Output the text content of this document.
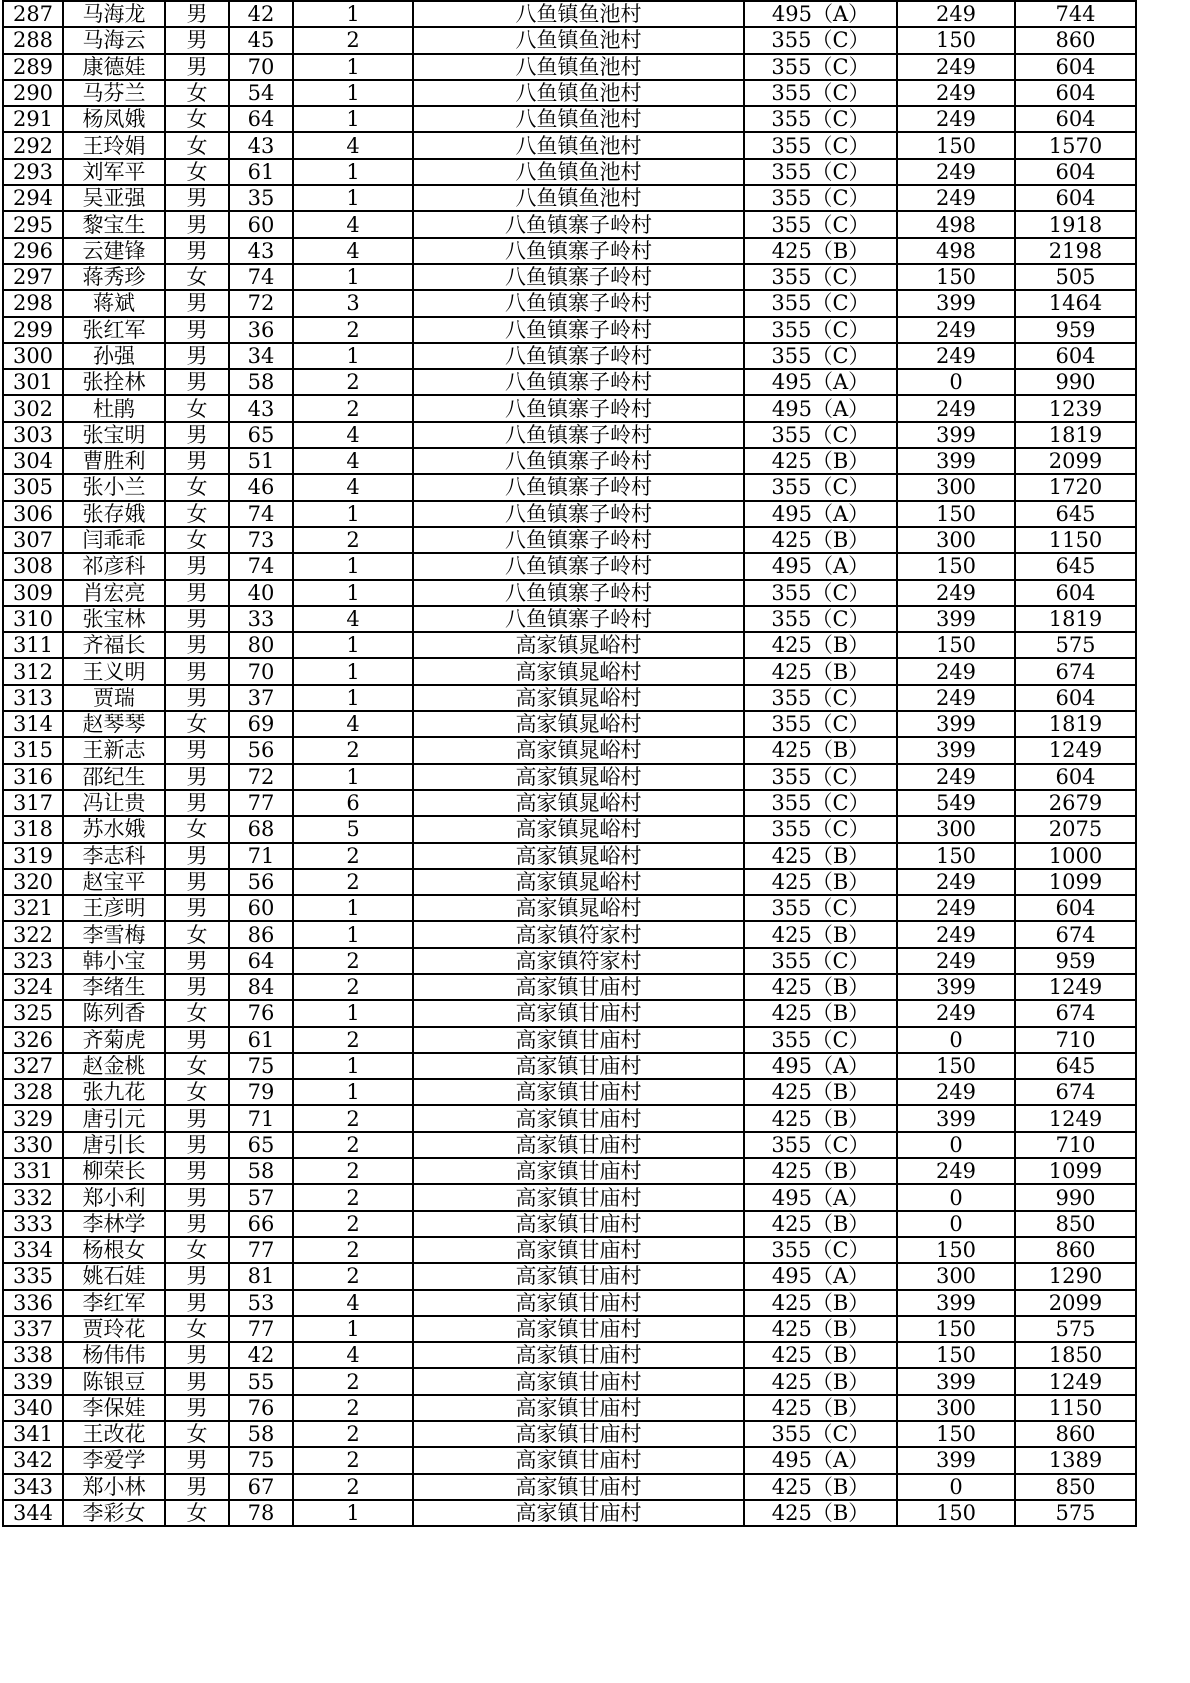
287	马海龙	男	42	1	八鱼镇鱼池村	495（A）	249	744
288	马海云	男	45	2	八鱼镇鱼池村	355（C）	150	860
289	康德娃	男	70	1	八鱼镇鱼池村	355（C）	249	604
290	马芬兰	女	54	1	八鱼镇鱼池村	355（C）	249	604
291	杨凤娥	女	64	1	八鱼镇鱼池村	355（C）	249	604
292	王玲娟	女	43	4	八鱼镇鱼池村	355（C）	150	1570
293	刘军平	女	61	1	八鱼镇鱼池村	355（C）	249	604
294	吴亚强	男	35	1	八鱼镇鱼池村	355（C）	249	604
295	黎宝生	男	60	4	八鱼镇寨子岭村	355（C）	498	1918
296	云建锋	男	43	4	八鱼镇寨子岭村	425（B）	498	2198
297	蒋秀珍	女	74	1	八鱼镇寨子岭村	355（C）	150	505
298	蒋斌	男	72	3	八鱼镇寨子岭村	355（C）	399	1464
299	张红军	男	36	2	八鱼镇寨子岭村	355（C）	249	959
300	孙强	男	34	1	八鱼镇寨子岭村	355（C）	249	604
301	张拴林	男	58	2	八鱼镇寨子岭村	495（A）	0	990
302	杜鹃	女	43	2	八鱼镇寨子岭村	495（A）	249	1239
303	张宝明	男	65	4	八鱼镇寨子岭村	355（C）	399	1819
304	曹胜利	男	51	4	八鱼镇寨子岭村	425（B）	399	2099
305	张小兰	女	46	4	八鱼镇寨子岭村	355（C）	300	1720
306	张存娥	女	74	1	八鱼镇寨子岭村	495（A）	150	645
307	闫乖乖	女	73	2	八鱼镇寨子岭村	425（B）	300	1150
308	祁彦科	男	74	1	八鱼镇寨子岭村	495（A）	150	645
309	肖宏亮	男	40	1	八鱼镇寨子岭村	355（C）	249	604
310	张宝林	男	33	4	八鱼镇寨子岭村	355（C）	399	1819
311	齐福长	男	80	1	高家镇晁峪村	425（B）	150	575
312	王义明	男	70	1	高家镇晁峪村	425（B）	249	674
313	贾瑞	男	37	1	高家镇晁峪村	355（C）	249	604
314	赵琴琴	女	69	4	高家镇晁峪村	355（C）	399	1819
315	王新志	男	56	2	高家镇晁峪村	425（B）	399	1249
316	邵纪生	男	72	1	高家镇晁峪村	355（C）	249	604
317	冯让贵	男	77	6	高家镇晁峪村	355（C）	549	2679
318	苏水娥	女	68	5	高家镇晁峪村	355（C）	300	2075
319	李志科	男	71	2	高家镇晁峪村	425（B）	150	1000
320	赵宝平	男	56	2	高家镇晁峪村	425（B）	249	1099
321	王彦明	男	60	1	高家镇晁峪村	355（C）	249	604
322	李雪梅	女	86	1	高家镇符家村	425（B）	249	674
323	韩小宝	男	64	2	高家镇符家村	355（C）	249	959
324	李绪生	男	84	2	高家镇甘庙村	425（B）	399	1249
325	陈列香	女	76	1	高家镇甘庙村	425（B）	249	674
326	齐菊虎	男	61	2	高家镇甘庙村	355（C）	0	710
327	赵金桃	女	75	1	高家镇甘庙村	495（A）	150	645
328	张九花	女	79	1	高家镇甘庙村	425（B）	249	674
329	唐引元	男	71	2	高家镇甘庙村	425（B）	399	1249
330	唐引长	男	65	2	高家镇甘庙村	355（C）	0	710
331	柳荣长	男	58	2	高家镇甘庙村	425（B）	249	1099
332	郑小利	男	57	2	高家镇甘庙村	495（A）	0	990
333	李林学	男	66	2	高家镇甘庙村	425（B）	0	850
334	杨根女	女	77	2	高家镇甘庙村	355（C）	150	860
335	姚石娃	男	81	2	高家镇甘庙村	495（A）	300	1290
336	李红军	男	53	4	高家镇甘庙村	425（B）	399	2099
337	贾玲花	女	77	1	高家镇甘庙村	425（B）	150	575
338	杨伟伟	男	42	4	高家镇甘庙村	425（B）	150	1850
339	陈银豆	男	55	2	高家镇甘庙村	425（B）	399	1249
340	李保娃	男	76	2	高家镇甘庙村	425（B）	300	1150
341	王改花	女	58	2	高家镇甘庙村	355（C）	150	860
342	李爱学	男	75	2	高家镇甘庙村	495（A）	399	1389
343	郑小林	男	67	2	高家镇甘庙村	425（B）	0	850
344	李彩女	女	78	1	高家镇甘庙村	425（B）	150	575
